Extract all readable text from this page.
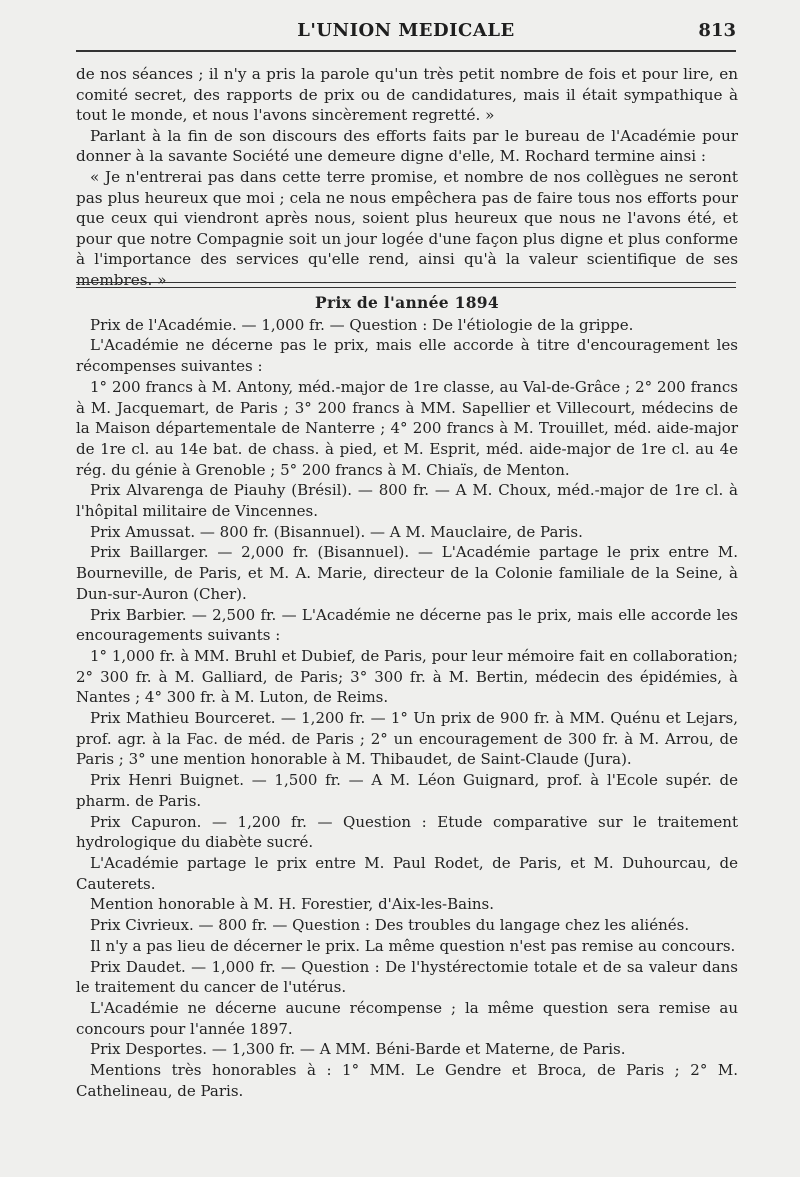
L'UNION MEDICALE	813

de nos séances ; il n'y a pris la parole qu'un très petit nombre de fois et pour lire, en comité secret, des rapports de prix ou de candidatures, mais il était sympathique à tout le monde, et nous l'avons sincèrement regretté. »

Parlant à la fin de son discours des efforts faits par le bureau de l'Académie pour donner à la savante Société une demeure digne d'elle, M. Rochard termine ainsi :

« Je n'entrerai pas dans cette terre promise, et nombre de nos collègues ne seront pas plus heureux que moi ; cela ne nous empêchera pas de faire tous nos efforts pour que ceux qui viendront après nous, soient plus heureux que nous ne l'avons été, et pour que notre Compagnie soit un jour logée d'une façon plus digne et plus conforme à l'importance des services qu'elle rend, ainsi qu'à la valeur scientifique de ses membres. »

Prix de l'année 1894

Prix de l'Académie. — 1,000 fr. — Question : De l'étiologie de la grippe.

L'Académie ne décerne pas le prix, mais elle accorde à titre d'encouragement les récompenses suivantes :

1° 200 francs à M. Antony, méd.-major de 1re classe, au Val-de-Grâce ; 2° 200 francs à M. Jacquemart, de Paris ; 3° 200 francs à MM. Sapellier et Villecourt, médecins de la Maison départementale de Nanterre ; 4° 200 francs à M. Trouillet, méd. aide-major de 1re cl. au 14e bat. de chass. à pied, et M. Esprit, méd. aide-major de 1re cl. au 4e rég. du génie à Grenoble ; 5° 200 francs à M. Chiaïs, de Menton.

Prix Alvarenga de Piauhy (Brésil). — 800 fr. — A M. Choux, méd.-major de 1re cl. à l'hôpital militaire de Vincennes.

Prix Amussat. — 800 fr. (Bisannuel). — A M. Mauclaire, de Paris.

Prix Baillarger. — 2,000 fr. (Bisannuel). — L'Académie partage le prix entre M. Bourneville, de Paris, et M. A. Marie, directeur de la Colonie familiale de la Seine, à Dun-sur-Auron (Cher).

Prix Barbier. — 2,500 fr. — L'Académie ne décerne pas le prix, mais elle accorde les encouragements suivants :

1° 1,000 fr. à MM. Bruhl et Dubief, de Paris, pour leur mémoire fait en collaboration; 2° 300 fr. à M. Galliard, de Paris; 3° 300 fr. à M. Bertin, médecin des épidémies, à Nantes ; 4° 300 fr. à M. Luton, de Reims.

Prix Mathieu Bourceret. — 1,200 fr. — 1° Un prix de 900 fr. à MM. Quénu et Lejars, prof. agr. à la Fac. de méd. de Paris ; 2° un encouragement de 300 fr. à M. Arrou, de Paris ; 3° une mention honorable à M. Thibaudet, de Saint-Claude (Jura).

Prix Henri Buignet. — 1,500 fr. — A M. Léon Guignard, prof. à l'Ecole supér. de pharm. de Paris.

Prix Capuron. — 1,200 fr. — Question : Etude comparative sur le traitement hydrologique du diabète sucré.

L'Académie partage le prix entre M. Paul Rodet, de Paris, et M. Duhourcau, de Cauterets.

Mention honorable à M. H. Forestier, d'Aix-les-Bains.

Prix Civrieux. — 800 fr. — Question : Des troubles du langage chez les aliénés.

Il n'y a pas lieu de décerner le prix. La même question n'est pas remise au concours.

Prix Daudet. — 1,000 fr. — Question : De l'hystérectomie totale et de sa valeur dans le traitement du cancer de l'utérus.

L'Académie ne décerne aucune récompense ; la même question sera remise au concours pour l'année 1897.

Prix Desportes. — 1,300 fr. — A MM. Béni-Barde et Materne, de Paris.

Mentions très honorables à : 1° MM. Le Gendre et Broca, de Paris ; 2° M. Cathelineau, de Paris.
